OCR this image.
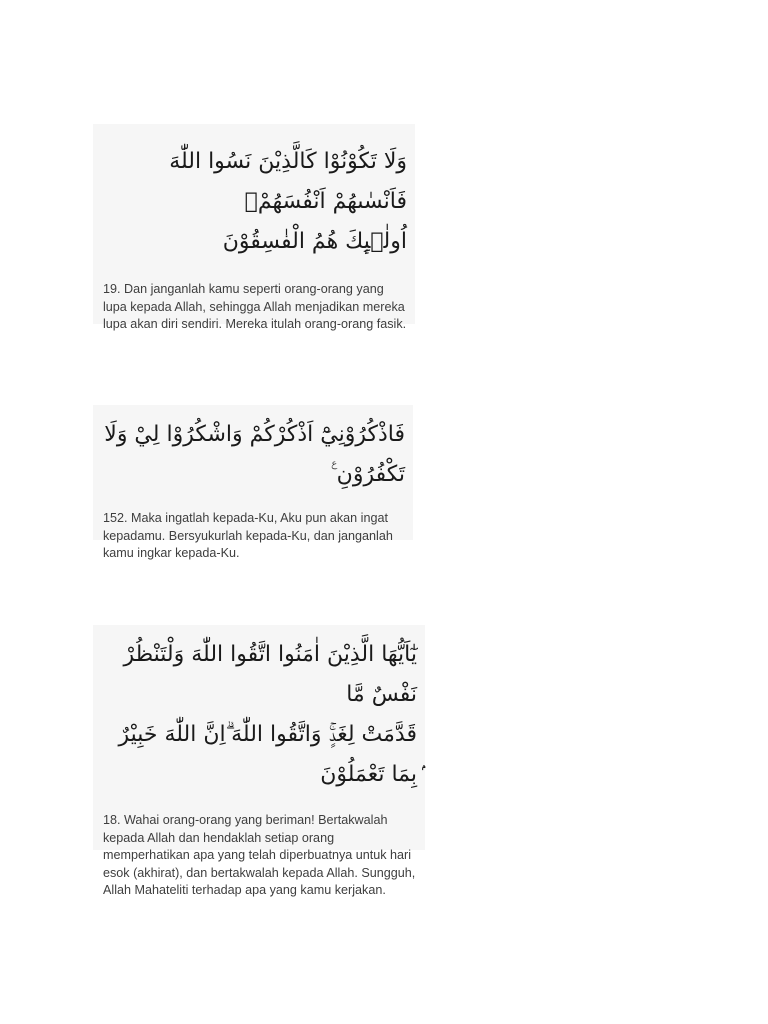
وَلَا تَكُوْنُوْا كَالَّذِيْنَ نَسُوا اللّٰهَ فَاَنْسٰىهُمْ اَنْفُسَهُمْۗ
اُولٰۤىِٕكَ هُمُ الْفٰسِقُوْنَ

19. Dan janganlah kamu seperti orang-orang yang lupa kepada Allah, sehingga Allah menjadikan mereka lupa akan diri sendiri. Mereka itulah orang-orang fasik.

فَاذْكُرُوْنِيْٓ اَذْكُرْكُمْ وَاشْكُرُوْا لِيْ وَلَا تَكْفُرُوْنِ ࣖ

152. Maka ingatlah kepada-Ku, Aku pun akan ingat kepadamu. Bersyukurlah kepada-Ku, dan janganlah kamu ingkar kepada-Ku.

يٰٓاَيُّهَا الَّذِيْنَ اٰمَنُوا اتَّقُوا اللّٰهَ وَلْتَنْظُرْ نَفْسٌ مَّا
قَدَّمَتْ لِغَدٍۚ وَاتَّقُوا اللّٰهَ ۗاِنَّ اللّٰهَ خَبِيْرٌ ۢبِمَا تَعْمَلُوْنَ

18. Wahai orang-orang yang beriman! Bertakwalah kepada Allah dan hendaklah setiap orang memperhatikan apa yang telah diperbuatnya untuk hari esok (akhirat), dan bertakwalah kepada Allah. Sungguh, Allah Mahateliti terhadap apa yang kamu kerjakan.
